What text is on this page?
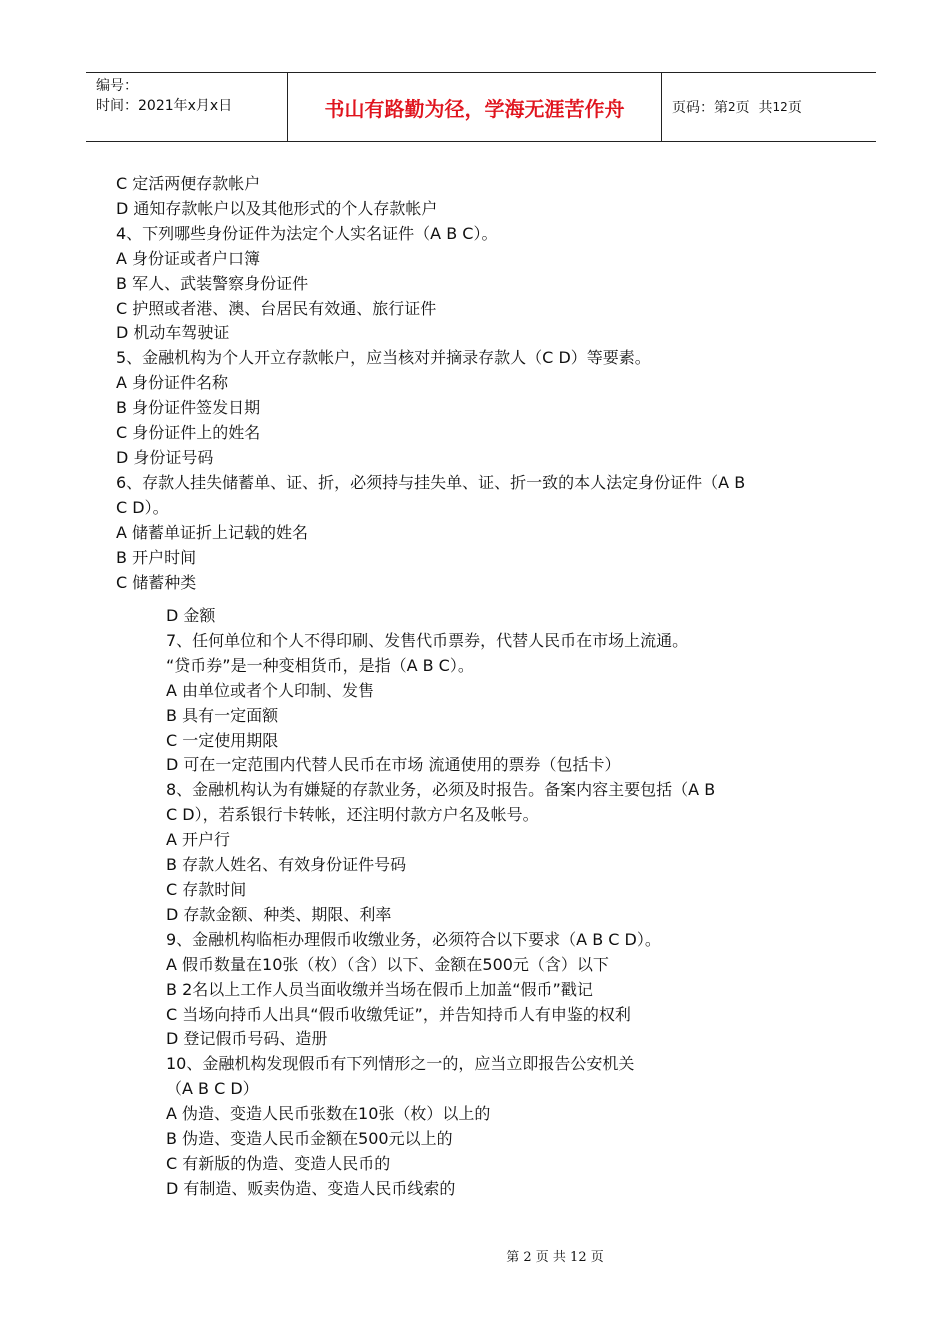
编号：
时间：2021年x月x日	书山有路勤为径，学海无涯苦作舟	页码：第 2 页  共 12 页
C 定活两便存款帐户
D 通知存款帐户以及其他形式的个人存款帐户
4、下列哪些身份证件为法定个人实名证件（A B C）。
A 身份证或者户口簿
B 军人、武装警察身份证件
C 护照或者港、澳、台居民有效通、旅行证件
D 机动车驾驶证
5、金融机构为个人开立存款帐户，应当核对并摘录存款人（C D）等要素。
A 身份证件名称
B 身份证件签发日期
C 身份证件上的姓名
D 身份证号码
6、存款人挂失储蓄单、证、折，必须持与挂失单、证、折一致的本人法定身份证件（A B
C D）。
A 储蓄单证折上记载的姓名
B 开户时间
C 储蓄种类
D 金额
7、任何单位和个人不得印刷、发售代币票券，代替人民币在市场上流通。
“贷币券”是一种变相货币，是指（A B C）。
A 由单位或者个人印制、发售
B 具有一定面额
C 一定使用期限
D 可在一定范围内代替人民币在市场 流通使用的票券（包括卡）
8、金融机构认为有嫌疑的存款业务，必须及时报告。备案内容主要包括（A B
C D），若系银行卡转帐，还注明付款方户名及帐号。
A 开户行
B 存款人姓名、有效身份证件号码
C 存款时间
D 存款金额、种类、期限、利率
9、金融机构临柜办理假币收缴业务，必须符合以下要求（A B C D）。
A 假币数量在10张（枚）（含）以下、金额在500元（含）以下
B 2名以上工作人员当面收缴并当场在假币上加盖“假币”戳记
C 当场向持币人出具“假币收缴凭证”，并告知持币人有申鉴的权利
D 登记假币号码、造册
10、金融机构发现假币有下列情形之一的，应当立即报告公安机关
（A B C D）
A 伪造、变造人民币张数在10张（枚）以上的
B 伪造、变造人民币金额在500元以上的
C 有新版的伪造、变造人民币的
D 有制造、贩卖伪造、变造人民币线索的
第 2 页 共 12 页
